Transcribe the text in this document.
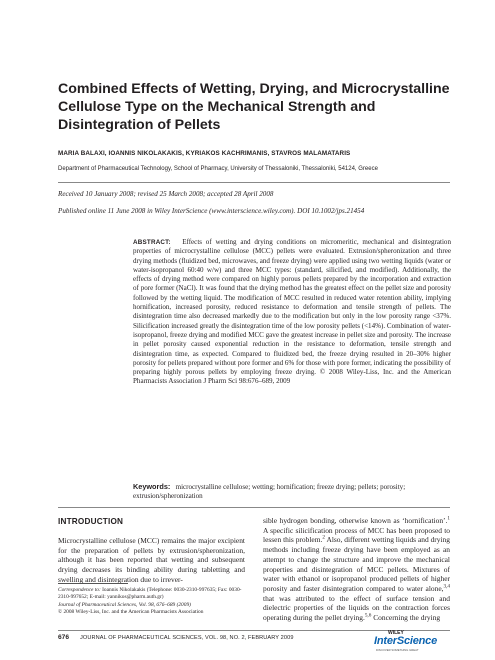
Combined Effects of Wetting, Drying, and Microcrystalline Cellulose Type on the Mechanical Strength and Disintegration of Pellets
MARIA BALAXI, IOANNIS NIKOLAKAKIS, KYRIAKOS KACHRIMANIS, STAVROS MALAMATARIS
Department of Pharmaceutical Technology, School of Pharmacy, University of Thessaloniki, Thessaloniki, 54124, Greece
Received 10 January 2008; revised 25 March 2008; accepted 28 April 2008
Published online 11 June 2008 in Wiley InterScience (www.interscience.wiley.com). DOI 10.1002/jps.21454
ABSTRACT: Effects of wetting and drying conditions on micromeritic, mechanical and disintegration properties of microcrystalline cellulose (MCC) pellets were evaluated. Extrusion/spheronization and three drying methods (fluidized bed, microwaves, and freeze drying) were applied using two wetting liquids (water or water-isopropanol 60:40 w/w) and three MCC types: (standard, silicified, and modified). Additionally, the effects of drying method were compared on highly porous pellets prepared by the incorporation and extraction of pore former (NaCl). It was found that the drying method has the greatest effect on the pellet size and porosity followed by the wetting liquid. The modification of MCC resulted in reduced water retention ability, implying hornification, increased porosity, reduced resistance to deformation and tensile strength of pellets. The disintegration time also decreased markedly due to the modification but only in the low porosity range <37%. Silicification increased greatly the disintegration time of the low porosity pellets (<14%). Combination of water-isopropanol, freeze drying and modified MCC gave the greatest increase in pellet size and porosity. The increase in pellet porosity caused exponential reduction in the resistance to deformation, tensile strength and disintegration time, as expected. Compared to fluidized bed, the freeze drying resulted in 20–30% higher porosity for pellets prepared without pore former and 6% for those with pore former, indicating the possibility of preparing highly porous pellets by employing freeze drying. © 2008 Wiley-Liss, Inc. and the American Pharmacists Association J Pharm Sci 98:676–689, 2009
Keywords: microcrystalline cellulose; wetting; hornification; freeze drying; pellets; porosity; extrusion/spheronization
INTRODUCTION
Microcrystalline cellulose (MCC) remains the major excipient for the preparation of pellets by extrusion/spheronization, although it has been reported that wetting and subsequent drying decreases its binding ability during tabletting and swelling and disintegration due to irrever-
sible hydrogen bonding, otherwise known as ‘hornification’.$^1$ A specific silicification process of MCC has been proposed to lessen this problem.$^2$ Also, different wetting liquids and drying methods including freeze drying have been employed as an attempt to change the structure and improve the mechanical properties and disintegration of MCC pellets. Mixtures of water with ethanol or isopropanol produced pellets of higher porosity and faster disintegration compared to water alone,$^{3,4}$ that was attributed to the effect of surface tension and dielectric properties of the liquids on the contraction forces operating during the pellet drying.$^{5,6}$ Concerning the drying
Correspondence to: Ioannis Nikolakakis (Telephone: 0030-2310-997635; Fax: 0030-2310-997652; E-mail: yannikos@pharm.auth.gr)
Journal of Pharmaceutical Sciences, Vol. 98, 676–689 (2009)
© 2008 Wiley-Liss, Inc. and the American Pharmacists Association
676 JOURNAL OF PHARMACEUTICAL SCIENCES, VOL. 98, NO. 2, FEBRUARY 2009
WILEY
InterScience
DISCOVER SOMETHING GREAT
